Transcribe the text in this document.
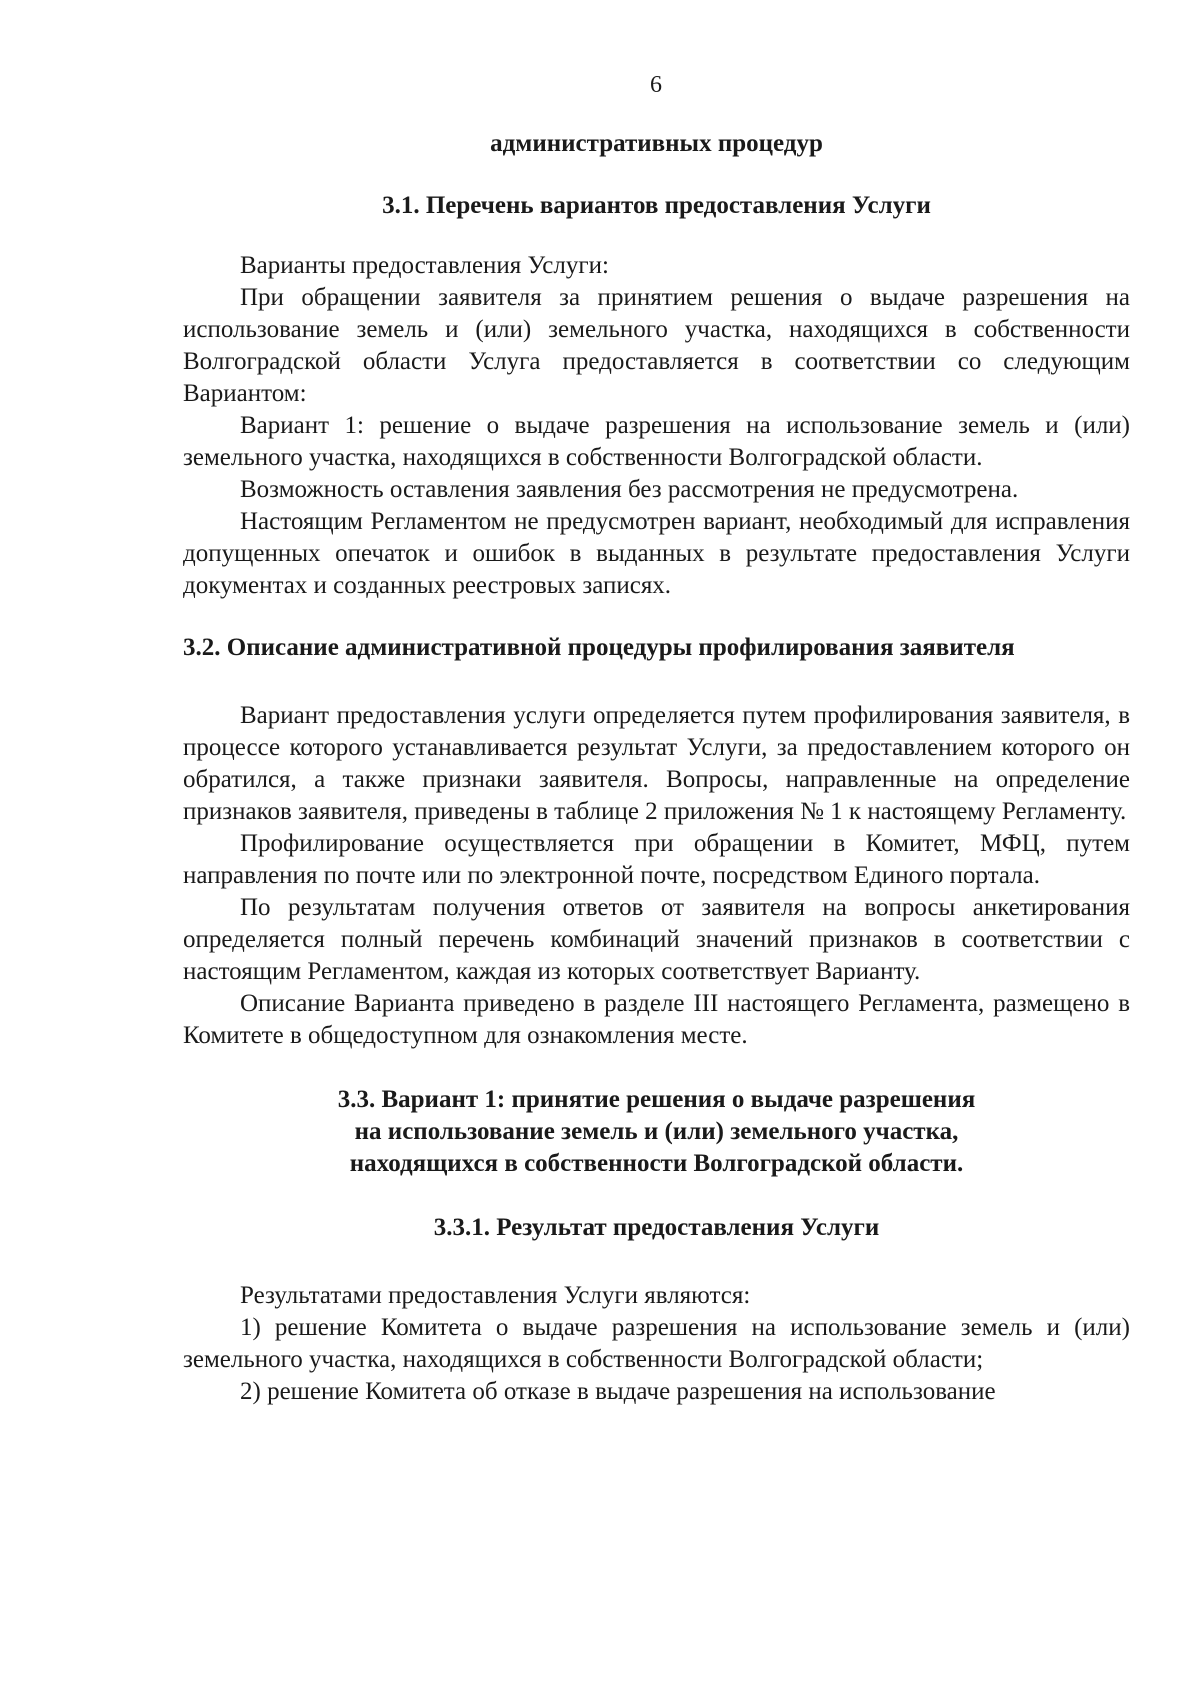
6

административных процедур

3.1. Перечень вариантов предоставления Услуги

Варианты предоставления Услуги:

При обращении заявителя за принятием решения о выдаче разрешения на использование земель и (или) земельного участка, находящихся в собственности Волгоградской области Услуга предоставляется в соответствии со следующим Вариантом:

Вариант 1: решение о выдаче разрешения на использование земель и (или) земельного участка, находящихся в собственности Волгоградской области.

Возможность оставления заявления без рассмотрения не предусмотрена.

Настоящим Регламентом не предусмотрен вариант, необходимый для исправления допущенных опечаток и ошибок в выданных в результате предоставления Услуги документах и созданных реестровых записях.

3.2. Описание административной процедуры профилирования заявителя

Вариант предоставления услуги определяется путем профилирования заявителя, в процессе которого устанавливается результат Услуги, за предоставлением которого он обратился, а также признаки заявителя. Вопросы, направленные на определение признаков заявителя, приведены в таблице 2 приложения № 1 к настоящему Регламенту.

Профилирование осуществляется при обращении в Комитет, МФЦ, путем направления по почте или по электронной почте, посредством Единого портала.

По результатам получения ответов от заявителя на вопросы анкетирования определяется полный перечень комбинаций значений признаков в соответствии с настоящим Регламентом, каждая из которых соответствует Варианту.

Описание Варианта приведено в разделе III настоящего Регламента, размещено в Комитете в общедоступном для ознакомления месте.

3.3. Вариант 1: принятие решения о выдаче разрешения

на использование земель и (или) земельного участка,

находящихся в собственности Волгоградской области.

3.3.1. Результат предоставления Услуги

Результатами предоставления Услуги являются:

1) решение Комитета о выдаче разрешения на использование земель и (или) земельного участка, находящихся в собственности Волгоградской области;

2) решение Комитета об отказе в выдаче разрешения на использование
